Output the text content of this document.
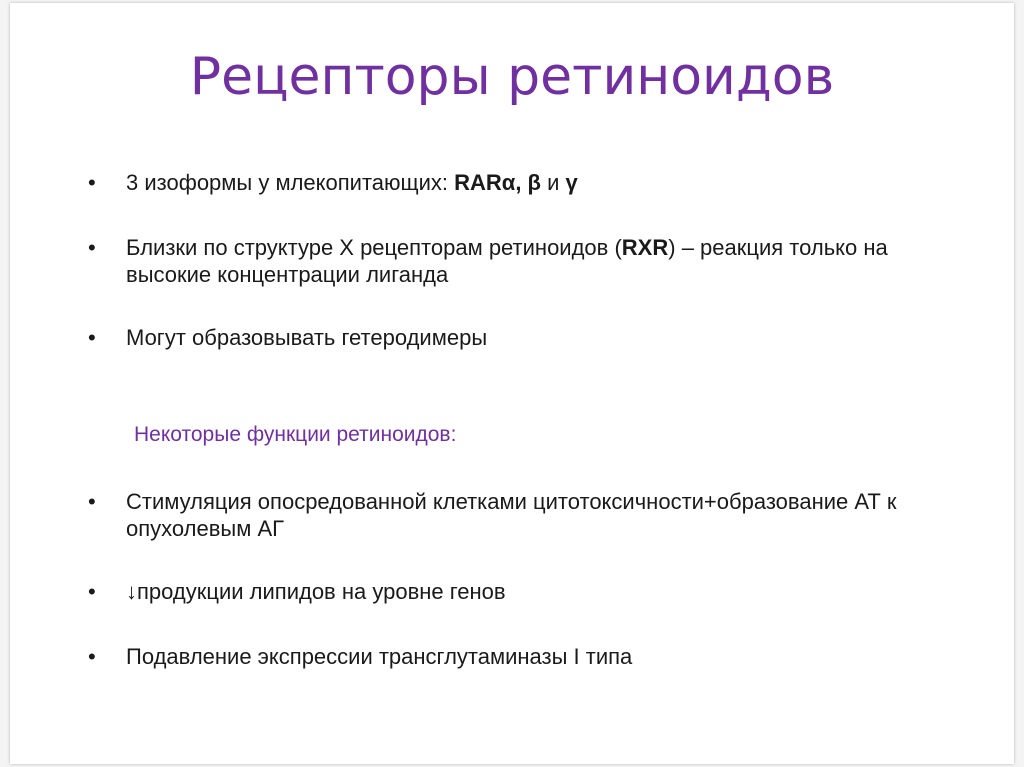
Рецепторы ретиноидов
•	3 изоформы у млекопитающих: RARα, β и γ
•	Близки по структуре X рецепторам ретиноидов (RXR) – реакция только на высокие концентрации лиганда
•	Могут образовывать гетеродимеры
Некоторые функции ретиноидов:
•	Стимуляция опосредованной клетками цитотоксичности+образование АТ к опухолевым АГ
•	↓продукции липидов на уровне генов
•	Подавление экспрессии трансглутаминазы I типа
